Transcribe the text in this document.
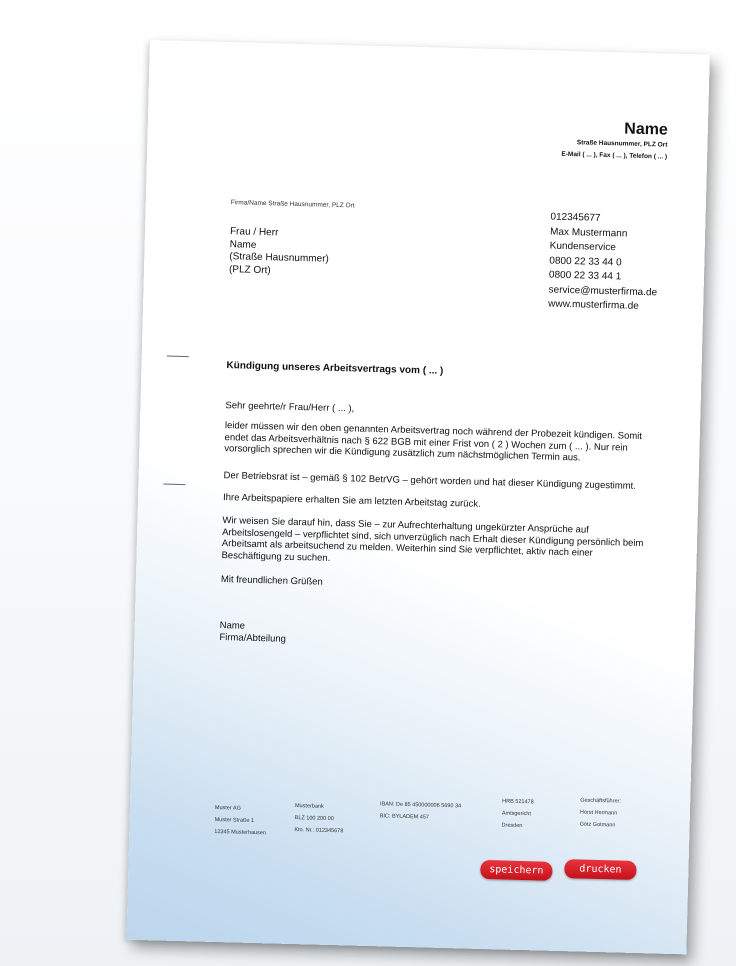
Name
Straße Hausnummer, PLZ Ort
E-Mail ( ... ), Fax ( ... ), Telefon ( ... )
Firma/Name Straße Hausnummer, PLZ Ort
Frau / Herr
Name
(Straße Hausnummer)
(PLZ Ort)
012345677
Max Mustermann
Kundenservice
0800 22 33 44 0
0800 22 33 44 1
service@musterfirma.de
www.musterfirma.de
Kündigung unseres Arbeitsvertrags vom ( ... )
Sehr geehrte/r Frau/Herr ( ... ),
leider müssen wir den oben genannten Arbeitsvertrag noch während der Probezeit kündigen. Somit endet das Arbeitsverhältnis nach § 622 BGB mit einer Frist von ( 2 ) Wochen zum ( ... ). Nur rein vorsorglich sprechen wir die Kündigung zusätzlich zum nächstmöglichen Termin aus.
Der Betriebsrat ist – gemäß § 102 BetrVG – gehört worden und hat dieser Kündigung zugestimmt.
Ihre Arbeitspapiere erhalten Sie am letzten Arbeitstag zurück.
Wir weisen Sie darauf hin, dass Sie – zur Aufrechterhaltung ungekürzter Ansprüche auf Arbeitslosengeld – verpflichtet sind, sich unverzüglich nach Erhalt dieser Kündigung persönlich beim Arbeitsamt als arbeitsuchend zu melden. Weiterhin sind Sie verpflichtet, aktiv nach einer Beschäftigung zu suchen.
Mit freundlichen Grüßen
Name
Firma/Abteilung
Muster AG
Muster Straße 1
12345 Musterhausen
Musterbank
BLZ 100 200 00
Kto. Nr.: 012345678
IBAN: De 85 450000006 5690 34
BIC: BYLADEM 457
HRB 521478
Amtsgericht
Dresden
Geschäftsführer:
Horst Hermann
Götz Gotmann
speichern	drucken
